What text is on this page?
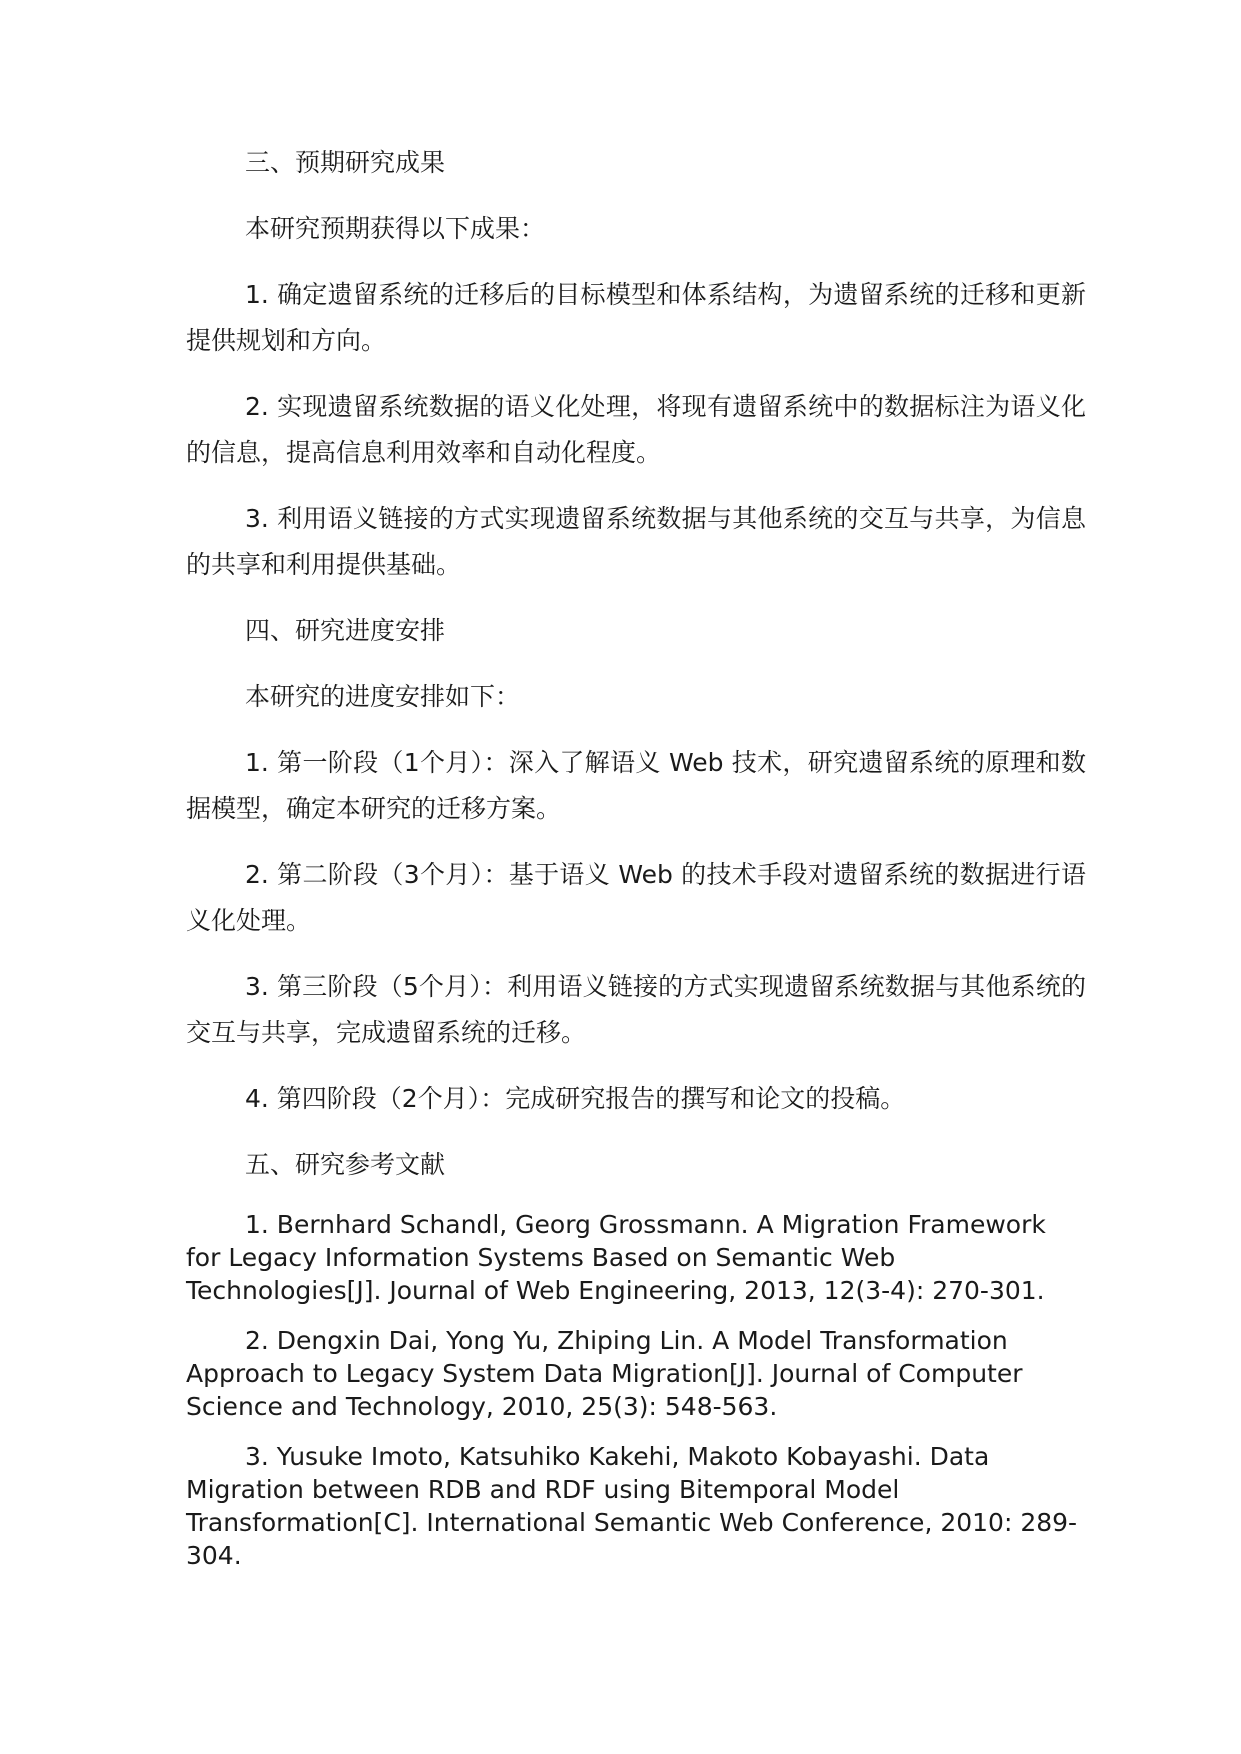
三、预期研究成果

本研究预期获得以下成果：

1. 确定遗留系统的迁移后的目标模型和体系结构，为遗留系统的迁移和更新提供规划和方向。

2. 实现遗留系统数据的语义化处理，将现有遗留系统中的数据标注为语义化的信息，提高信息利用效率和自动化程度。

3. 利用语义链接的方式实现遗留系统数据与其他系统的交互与共享，为信息的共享和利用提供基础。

四、研究进度安排

本研究的进度安排如下：

1. 第一阶段（1个月）：深入了解语义 Web 技术，研究遗留系统的原理和数据模型，确定本研究的迁移方案。

2. 第二阶段（3个月）：基于语义 Web 的技术手段对遗留系统的数据进行语义化处理。

3. 第三阶段（5个月）：利用语义链接的方式实现遗留系统数据与其他系统的交互与共享，完成遗留系统的迁移。

4. 第四阶段（2个月）：完成研究报告的撰写和论文的投稿。

五、研究参考文献

1. Bernhard Schandl, Georg Grossmann. A Migration Framework for Legacy Information Systems Based on Semantic Web Technologies[J]. Journal of Web Engineering, 2013, 12(3-4): 270-301.

2. Dengxin Dai, Yong Yu, Zhiping Lin. A Model Transformation Approach to Legacy System Data Migration[J]. Journal of Computer Science and Technology, 2010, 25(3): 548-563.

3. Yusuke Imoto, Katsuhiko Kakehi, Makoto Kobayashi. Data Migration between RDB and RDF using Bitemporal Model Transformation[C]. International Semantic Web Conference, 2010: 289-304.
